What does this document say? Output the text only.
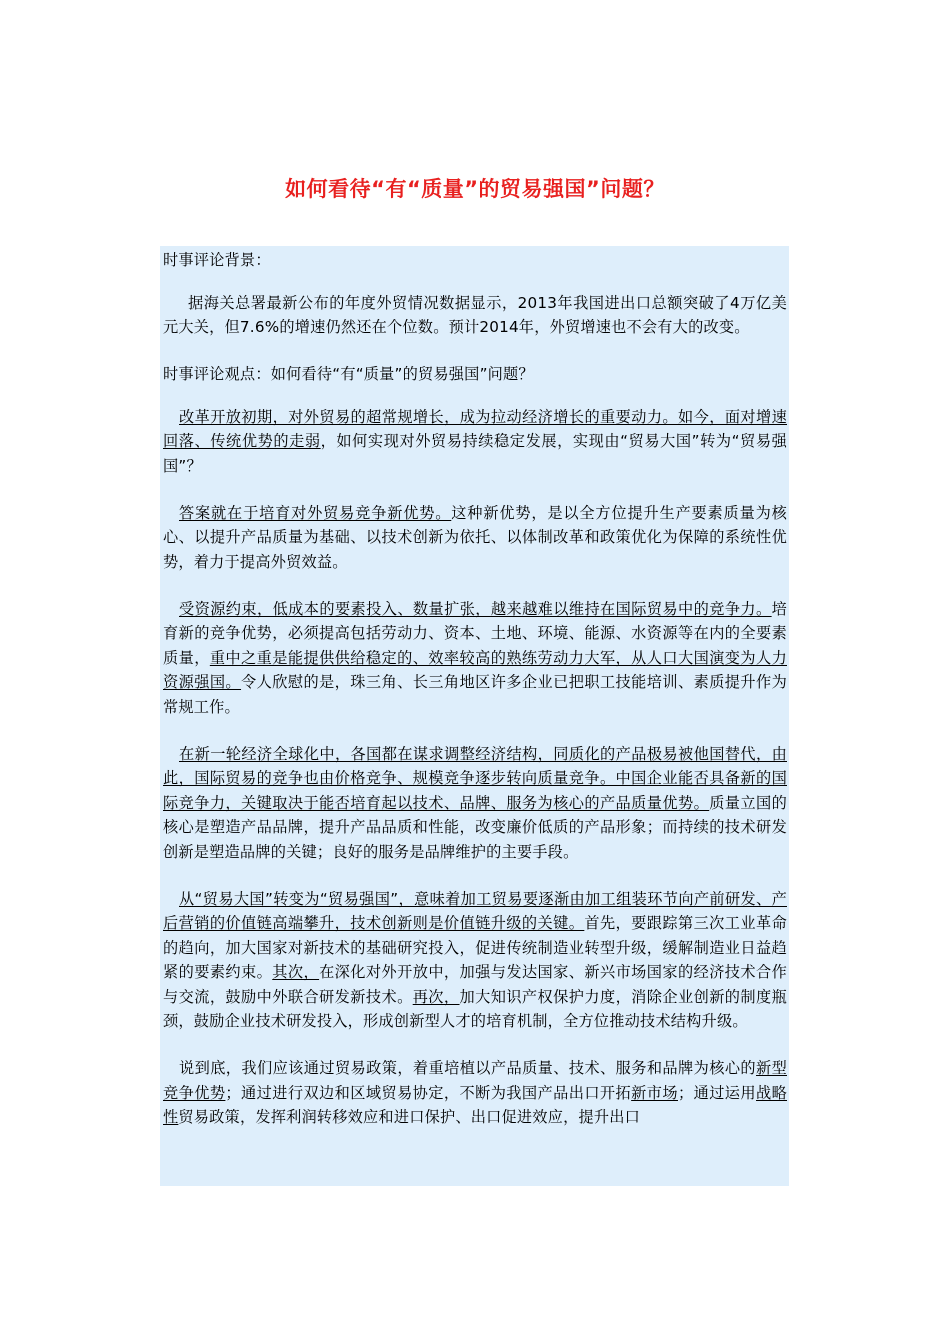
如何看待“有“质量”的贸易强国”问题？

时事评论背景：

据海关总署最新公布的年度外贸情况数据显示，2013年我国进出口总额突破了4万亿美元大关，但7.6%的增速仍然还在个位数。预计2014年，外贸增速也不会有大的改变。

时事评论观点：如何看待“有“质量”的贸易强国”问题？

改革开放初期，对外贸易的超常规增长，成为拉动经济增长的重要动力。如今，面对增速回落、传统优势的走弱，如何实现对外贸易持续稳定发展，实现由“贸易大国”转为“贸易强国”？

答案就在于培育对外贸易竞争新优势。这种新优势，是以全方位提升生产要素质量为核心、以提升产品质量为基础、以技术创新为依托、以体制改革和政策优化为保障的系统性优势，着力于提高外贸效益。

受资源约束，低成本的要素投入、数量扩张，越来越难以维持在国际贸易中的竞争力。培育新的竞争优势，必须提高包括劳动力、资本、土地、环境、能源、水资源等在内的全要素质量，重中之重是能提供供给稳定的、效率较高的熟练劳动力大军，从人口大国演变为人力资源强国。令人欣慰的是，珠三角、长三角地区许多企业已把职工技能培训、素质提升作为常规工作。

在新一轮经济全球化中，各国都在谋求调整经济结构，同质化的产品极易被他国替代，由此，国际贸易的竞争也由价格竞争、规模竞争逐步转向质量竞争。中国企业能否具备新的国际竞争力，关键取决于能否培育起以技术、品牌、服务为核心的产品质量优势。质量立国的核心是塑造产品品牌，提升产品品质和性能，改变廉价低质的产品形象；而持续的技术研发创新是塑造品牌的关键；良好的服务是品牌维护的主要手段。

从“贸易大国”转变为“贸易强国”，意味着加工贸易要逐渐由加工组装环节向产前研发、产后营销的价值链高端攀升，技术创新则是价值链升级的关键。首先，要跟踪第三次工业革命的趋向，加大国家对新技术的基础研究投入，促进传统制造业转型升级，缓解制造业日益趋紧的要素约束。其次，在深化对外开放中，加强与发达国家、新兴市场国家的经济技术合作与交流，鼓励中外联合研发新技术。再次，加大知识产权保护力度，消除企业创新的制度瓶颈，鼓励企业技术研发投入，形成创新型人才的培育机制，全方位推动技术结构升级。

说到底，我们应该通过贸易政策，着重培植以产品质量、技术、服务和品牌为核心的新型竞争优势；通过进行双边和区域贸易协定，不断为我国产品出口开拓新市场；通过运用战略性贸易政策，发挥利润转移效应和进口保护、出口促进效应，提升出口
